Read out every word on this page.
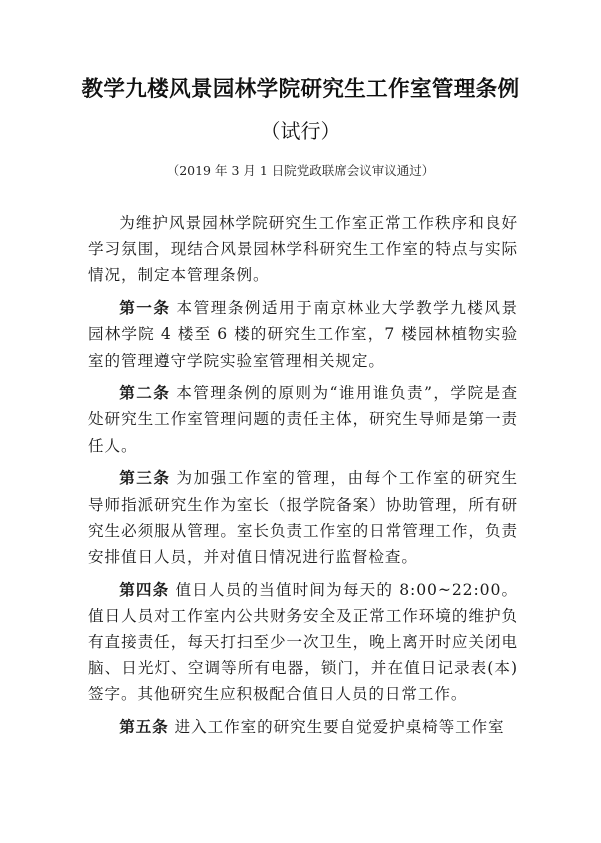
教学九楼风景园林学院研究生工作室管理条例
（试行）
（2019 年 3 月 1 日院党政联席会议审议通过）

为维护风景园林学院研究生工作室正常工作秩序和良好学习氛围，现结合风景园林学科研究生工作室的特点与实际情况，制定本管理条例。

第一条 本管理条例适用于南京林业大学教学九楼风景园林学院 4 楼至 6 楼的研究生工作室，7 楼园林植物实验室的管理遵守学院实验室管理相关规定。

第二条 本管理条例的原则为“谁用谁负责”，学院是查处研究生工作室管理问题的责任主体，研究生导师是第一责任人。

第三条 为加强工作室的管理，由每个工作室的研究生导师指派研究生作为室长（报学院备案）协助管理，所有研究生必须服从管理。室长负责工作室的日常管理工作，负责安排值日人员，并对值日情况进行监督检查。

第四条 值日人员的当值时间为每天的 8:00~22:00。值日人员对工作室内公共财务安全及正常工作环境的维护负有直接责任，每天打扫至少一次卫生，晚上离开时应关闭电脑、日光灯、空调等所有电器，锁门，并在值日记录表(本)签字。其他研究生应积极配合值日人员的日常工作。

第五条 进入工作室的研究生要自觉爱护桌椅等工作室
